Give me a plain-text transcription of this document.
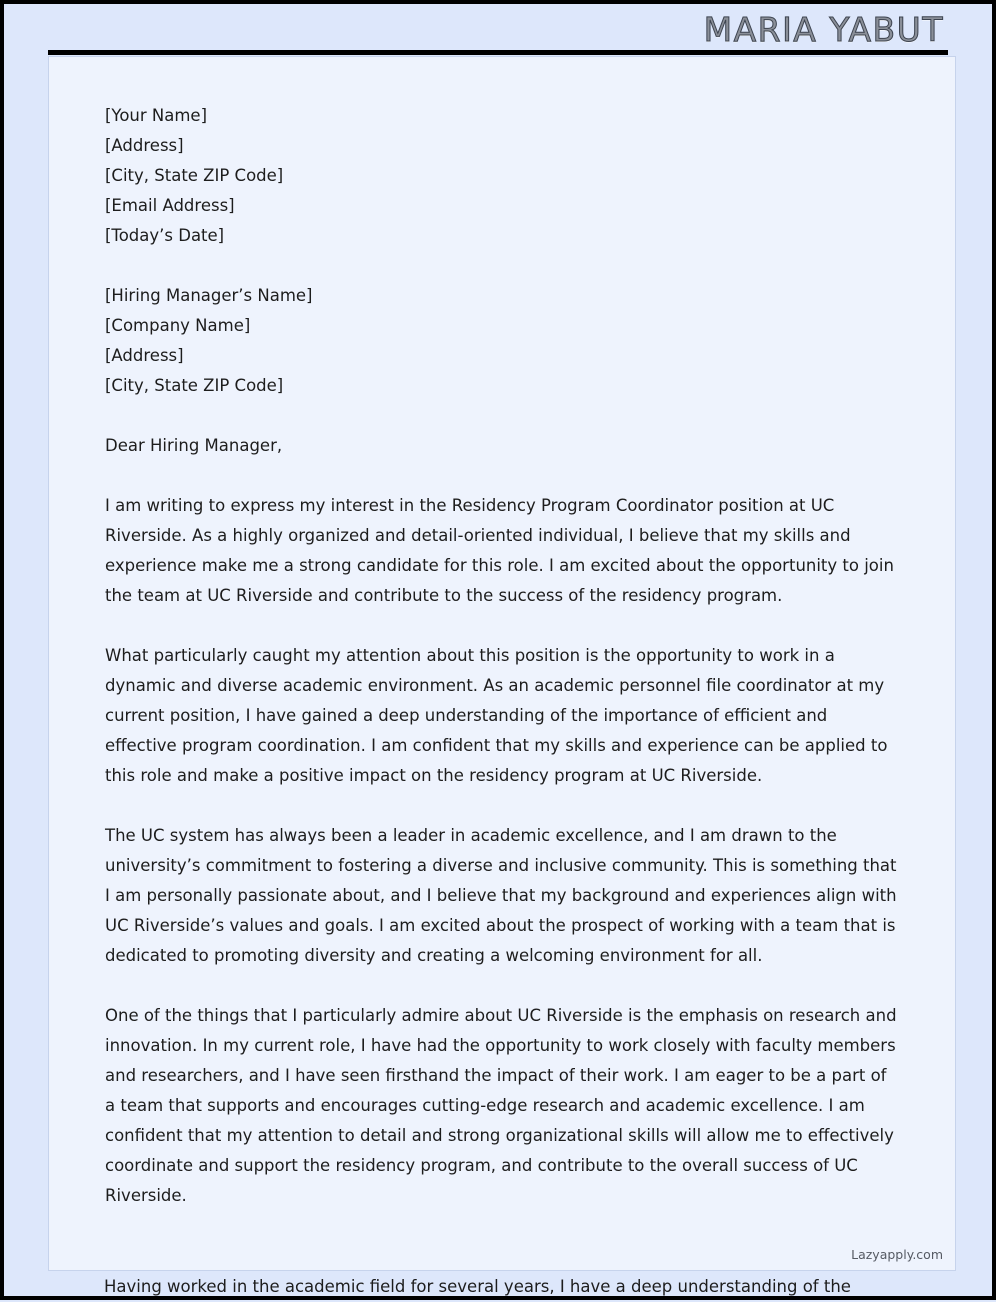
MARIA YABUT
[Your Name]
[Address]
[City, State ZIP Code]
[Email Address]
[Today’s Date]
[Hiring Manager’s Name]
[Company Name]
[Address]
[City, State ZIP Code]
Dear Hiring Manager,

I am writing to express my interest in the Residency Program Coordinator position at UC Riverside. As a highly organized and detail-oriented individual, I believe that my skills and experience make me a strong candidate for this role. I am excited about the opportunity to join the team at UC Riverside and contribute to the success of the residency program.

What particularly caught my attention about this position is the opportunity to work in a dynamic and diverse academic environment. As an academic personnel file coordinator at my current position, I have gained a deep understanding of the importance of efficient and effective program coordination. I am confident that my skills and experience can be applied to this role and make a positive impact on the residency program at UC Riverside.

The UC system has always been a leader in academic excellence, and I am drawn to the university’s commitment to fostering a diverse and inclusive community. This is something that I am personally passionate about, and I believe that my background and experiences align with UC Riverside’s values and goals. I am excited about the prospect of working with a team that is dedicated to promoting diversity and creating a welcoming environment for all.

One of the things that I particularly admire about UC Riverside is the emphasis on research and innovation. In my current role, I have had the opportunity to work closely with faculty members and researchers, and I have seen firsthand the impact of their work. I am eager to be a part of a team that supports and encourages cutting-edge research and academic excellence. I am confident that my attention to detail and strong organizational skills will allow me to effectively coordinate and support the residency program, and contribute to the overall success of UC Riverside.

Lazyapply.com
Having worked in the academic field for several years, I have a deep understanding of the
